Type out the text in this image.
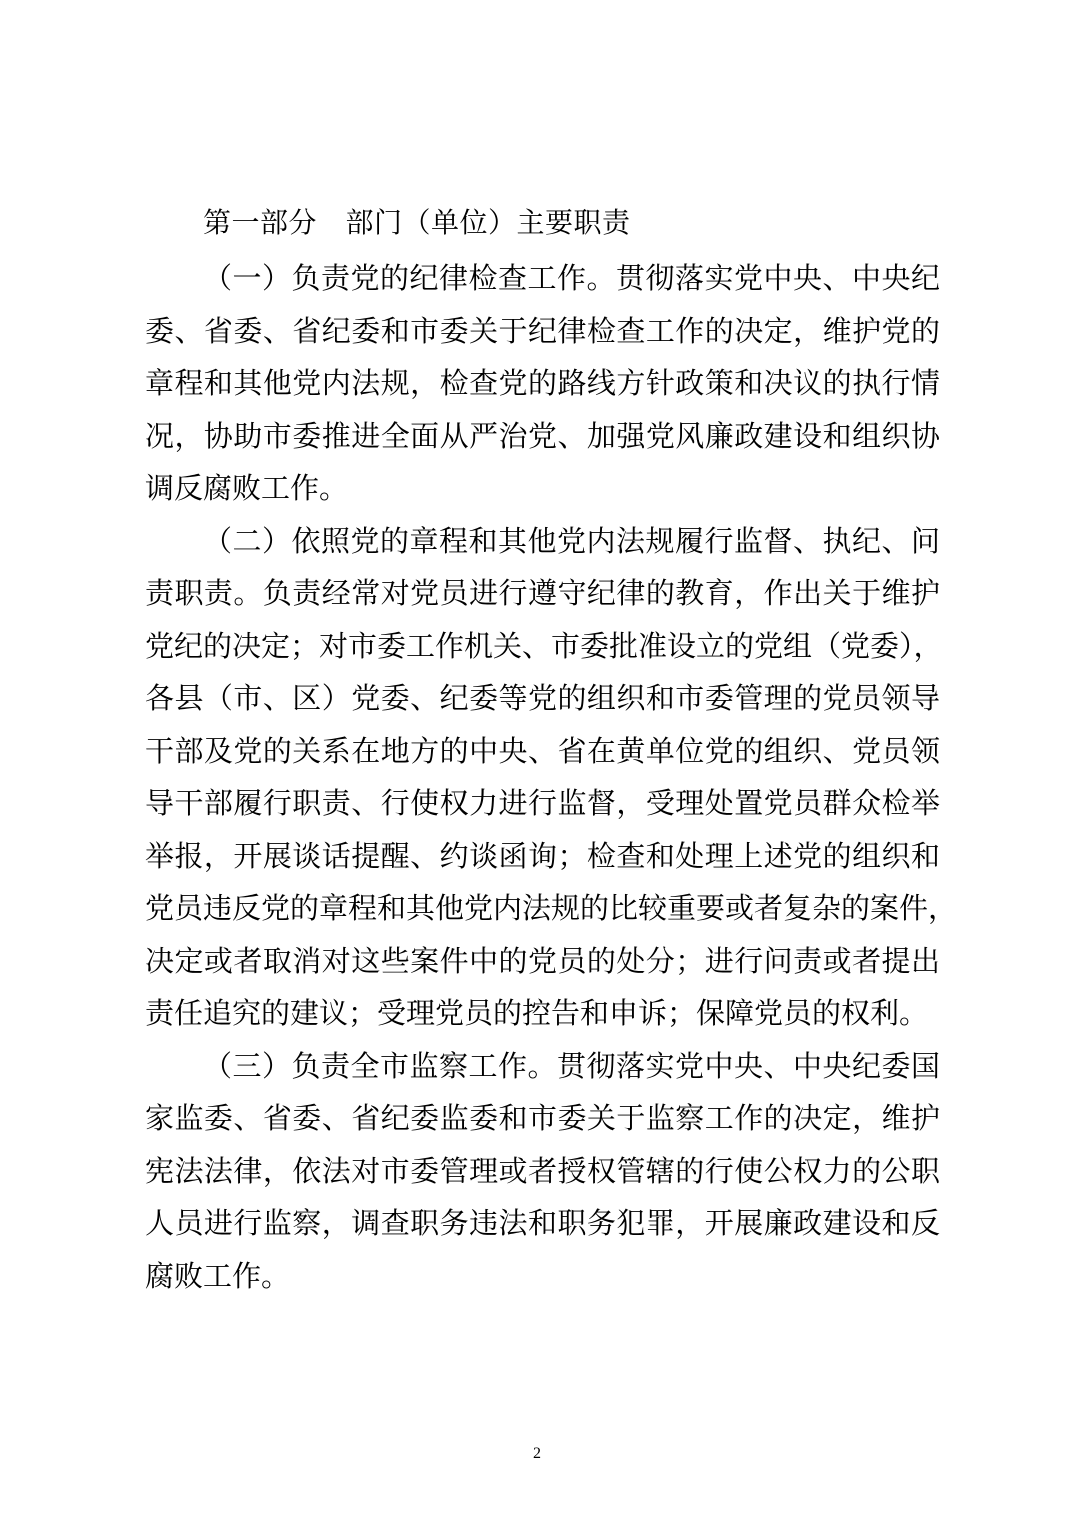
第一部分　部门（单位）主要职责
（一）负责党的纪律检查工作。贯彻落实党中央、中央纪
委、省委、省纪委和市委关于纪律检查工作的决定，维护党的
章程和其他党内法规，检查党的路线方针政策和决议的执行情
况，协助市委推进全面从严治党、加强党风廉政建设和组织协
调反腐败工作。
（二）依照党的章程和其他党内法规履行监督、执纪、问
责职责。负责经常对党员进行遵守纪律的教育，作出关于维护
党纪的决定；对市委工作机关、市委批准设立的党组（党委），
各县（市、区）党委、纪委等党的组织和市委管理的党员领导
干部及党的关系在地方的中央、省在黄单位党的组织、党员领
导干部履行职责、行使权力进行监督，受理处置党员群众检举
举报，开展谈话提醒、约谈函询；检查和处理上述党的组织和
党员违反党的章程和其他党内法规的比较重要或者复杂的案件，
决定或者取消对这些案件中的党员的处分；进行问责或者提出
责任追究的建议；受理党员的控告和申诉；保障党员的权利。
（三）负责全市监察工作。贯彻落实党中央、中央纪委国
家监委、省委、省纪委监委和市委关于监察工作的决定，维护
宪法法律，依法对市委管理或者授权管辖的行使公权力的公职
人员进行监察，调查职务违法和职务犯罪，开展廉政建设和反
腐败工作。
2
